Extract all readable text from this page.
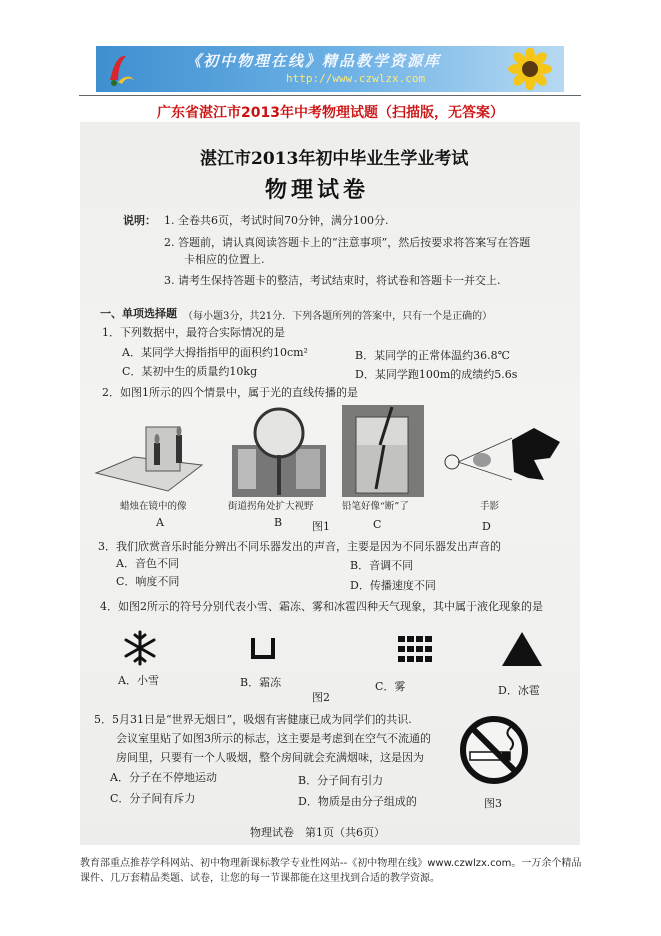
《初中物理在线》精品教学资源库
http://www.czwlzx.com
广东省湛江市2013年中考物理试题（扫描版，无答案）
湛江市2013年初中毕业生学业考试
物理试卷
说明： 1. 全卷共6页，考试时间70分钟，满分100分.
2. 答题前，请认真阅读答题卡上的“注意事项”，然后按要求将答案写在答题
卡相应的位置上.
3. 请考生保持答题卡的整洁，考试结束时，将试卷和答题卡一并交上.
一、单项选择题 （每小题3分，共21分．下列各题所列的答案中，只有一个是正确的）
1．下列数据中，最符合实际情况的是
A．某同学大拇指指甲的面积约10cm²	B．某同学的正常体温约36.8℃
C．某初中生的质量约10kg	D．某同学跑100m的成绩约5.6s
2．如图1所示的四个情景中，属于光的直线传播的是
蜡烛在镜中的像	街道拐角处扩大视野	铅笔好像“断”了	手影
A	B	图1	C	D
3．我们欣赏音乐时能分辨出不同乐器发出的声音，主要是因为不同乐器发出声音的
A．音色不同	B．音调不同
C．响度不同	D．传播速度不同
4．如图2所示的符号分别代表小雪、霜冻、雾和冰雹四种天气现象，其中属于液化现象的是
A．小雪	B．霜冻	C．雾	D．冰雹
图2
5．5月31日是“世界无烟日”，吸烟有害健康已成为同学们的共识.
会议室里贴了如图3所示的标志，这主要是考虑到在空气不流通的
房间里，只要有一个人吸烟，整个房间就会充满烟味，这是因为
A．分子在不停地运动	B．分子间有引力
C．分子间有斥力	D．物质是由分子组成的	图3
物理试卷　第1页（共6页）
教育部重点推荐学科网站、初中物理新课标教学专业性网站--《初中物理在线》www.czwlzx.com。一万余个精品课件、几万套精品类题、试卷，让您的每一节课都能在这里找到合适的教学资源。
